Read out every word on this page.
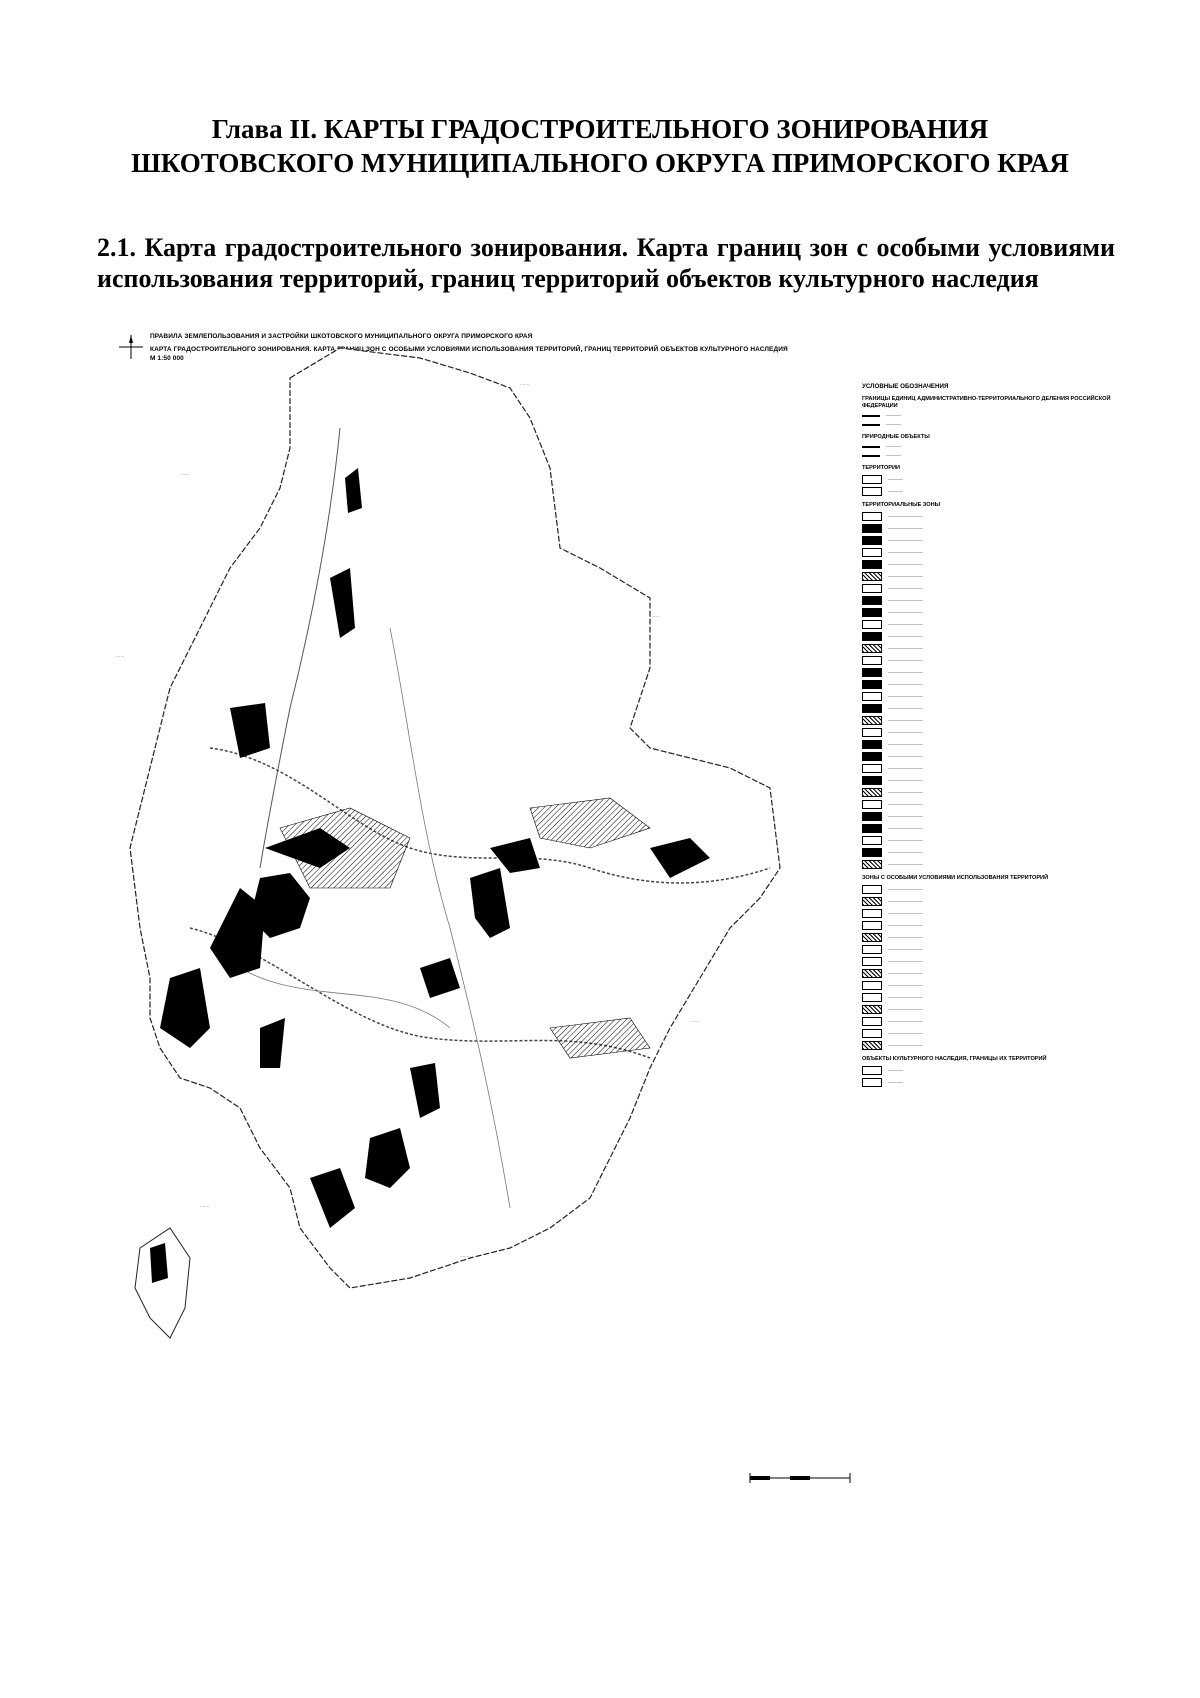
Глава II. КАРТЫ ГРАДОСТРОИТЕЛЬНОГО ЗОНИРОВАНИЯ
ШКОТОВСКОГО МУНИЦИПАЛЬНОГО ОКРУГА ПРИМОРСКОГО КРАЯ
2.1. Карта градостроительного зонирования. Карта границ зон с особыми условиями использования территорий, границ территорий объектов культурного наследия
ПРАВИЛА ЗЕМЛЕПОЛЬЗОВАНИЯ И ЗАСТРОЙКИ ШКОТОВСКОГО МУНИЦИПАЛЬНОГО ОКРУГА ПРИМОРСКОГО КРАЯ
КАРТА ГРАДОСТРОИТЕЛЬНОГО ЗОНИРОВАНИЯ. КАРТА ГРАНИЦ ЗОН С ОСОБЫМИ УСЛОВИЯМИ ИСПОЛЬЗОВАНИЯ ТЕРРИТОРИЙ, ГРАНИЦ ТЕРРИТОРИЙ ОБЪЕКТОВ КУЛЬТУРНОГО НАСЛЕДИЯ
М 1:50 000
·······
·······
·······
·······
·······
·······
·······
УСЛОВНЫЕ ОБОЗНАЧЕНИЯ
ГРАНИЦЫ ЕДИНИЦ АДМИНИСТРАТИВНО-ТЕРРИТОРИАЛЬНОГО ДЕЛЕНИЯ РОССИЙСКОЙ ФЕДЕРАЦИИ
———
———
ПРИРОДНЫЕ ОБЪЕКТЫ
———
———
ТЕРРИТОРИИ
———
———
ТЕРРИТОРИАЛЬНЫЕ ЗОНЫ
———————
———————
———————
———————
———————
———————
———————
———————
———————
———————
———————
———————
———————
———————
———————
———————
———————
———————
———————
———————
———————
———————
———————
———————
———————
———————
———————
———————
———————
———————
ЗОНЫ С ОСОБЫМИ УСЛОВИЯМИ ИСПОЛЬЗОВАНИЯ ТЕРРИТОРИЙ
———————
———————
———————
———————
———————
———————
———————
———————
———————
———————
———————
———————
———————
———————
ОБЪЕКТЫ КУЛЬТУРНОГО НАСЛЕДИЯ, ГРАНИЦЫ ИХ ТЕРРИТОРИЙ
———
———
